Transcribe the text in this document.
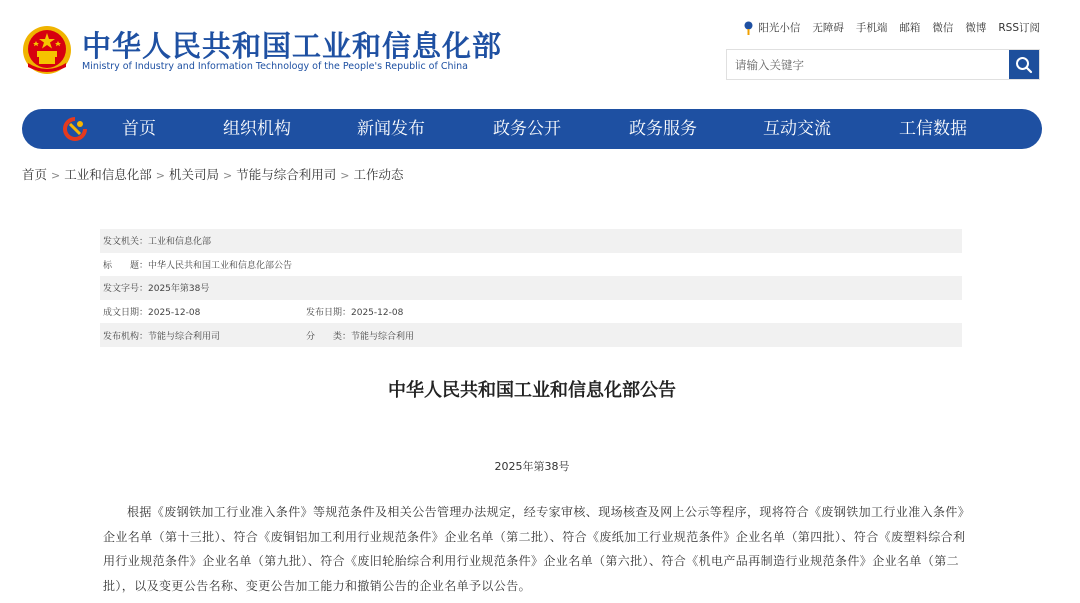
中华人民共和国工业和信息化部
Ministry of Industry and Information Technology of the People's Republic of China
阳光小信 无障碍 手机端 邮箱 微信 微博 RSS订阅
请输入关键字
首页	组织机构	新闻发布	政务公开	政务服务	互动交流	工信数据
首页 > 工业和信息化部 > 机关司局 > 节能与综合利用司 > 工作动态
发文机关：工业和信息化部
标　　题：中华人民共和国工业和信息化部公告
发文字号：2025年第38号
成文日期：2025-12-08	发布日期：2025-12-08
发布机构：节能与综合利用司	分　　类：节能与综合利用
中华人民共和国工业和信息化部公告
2025年第38号
根据《废钢铁加工行业准入条件》等规范条件及相关公告管理办法规定，经专家审核、现场核查及网上公示等程序，现将符合《废钢铁加工行业准入条件》企业名单（第十三批）、符合《废铜铝加工利用行业规范条件》企业名单（第二批）、符合《废纸加工行业规范条件》企业名单（第四批）、符合《废塑料综合利用行业规范条件》企业名单（第九批）、符合《废旧轮胎综合利用行业规范条件》企业名单（第六批）、符合《机电产品再制造行业规范条件》企业名单（第二批），以及变更公告名称、变更公告加工能力和撤销公告的企业名单予以公告。
